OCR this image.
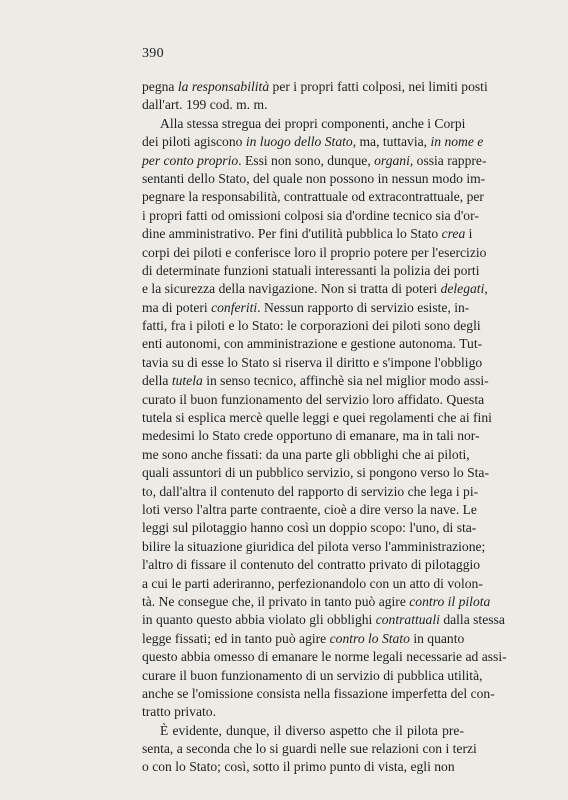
390
pegna la responsabilità per i propri fatti colposi, nei limiti posti
dall'art. 199 cod. m. m.
Alla stessa stregua dei propri componenti, anche i Corpi
dei piloti agiscono in luogo dello Stato, ma, tuttavia, in nome e
per conto proprio. Essi non sono, dunque, organi, ossia rappre-
sentanti dello Stato, del quale non possono in nessun modo im-
pegnare la responsabilità, contrattuale od extracontrattuale, per
i propri fatti od omissioni colposi sia d'ordine tecnico sia d'or-
dine amministrativo. Per fini d'utilità pubblica lo Stato crea i
corpi dei piloti e conferisce loro il proprio potere per l'esercizio
di determinate funzioni statuali interessanti la polizia dei porti
e la sicurezza della navigazione. Non si tratta di poteri delegati,
ma di poteri conferiti. Nessun rapporto di servizio esiste, in-
fatti, fra i piloti e lo Stato: le corporazioni dei piloti sono degli
enti autonomi, con amministrazione e gestione autonoma. Tut-
tavia su di esse lo Stato si riserva il diritto e s'impone l'obbligo
della tutela in senso tecnico, affinchè sia nel miglior modo assi-
curato il buon funzionamento del servizio loro affidato. Questa
tutela si esplica mercè quelle leggi e quei regolamenti che ai fini
medesimi lo Stato crede opportuno di emanare, ma in tali nor-
me sono anche fissati: da una parte gli obblighi che ai piloti,
quali assuntori di un pubblico servizio, si pongono verso lo Sta-
to, dall'altra il contenuto del rapporto di servizio che lega i pi-
loti verso l'altra parte contraente, cioè a dire verso la nave. Le
leggi sul pilotaggio hanno così un doppio scopo: l'uno, di sta-
bilire la situazione giuridica del pilota verso l'amministrazione;
l'altro di fissare il contenuto del contratto privato di pilotaggio
a cui le parti aderiranno, perfezionandolo con un atto di volon-
tà. Ne consegue che, il privato in tanto può agire contro il pilota
in quanto questo abbia violato gli obblighi contrattuali dalla stessa
legge fissati; ed in tanto può agire contro lo Stato in quanto
questo abbia omesso di emanare le norme legali necessarie ad assi-
curare il buon funzionamento di un servizio di pubblica utilità,
anche se l'omissione consista nella fissazione imperfetta del con-
tratto privato.
È evidente, dunque, il diverso aspetto che il pilota pre-
senta, a seconda che lo si guardi nelle sue relazioni con i terzi
o con lo Stato; così, sotto il primo punto di vista, egli non
